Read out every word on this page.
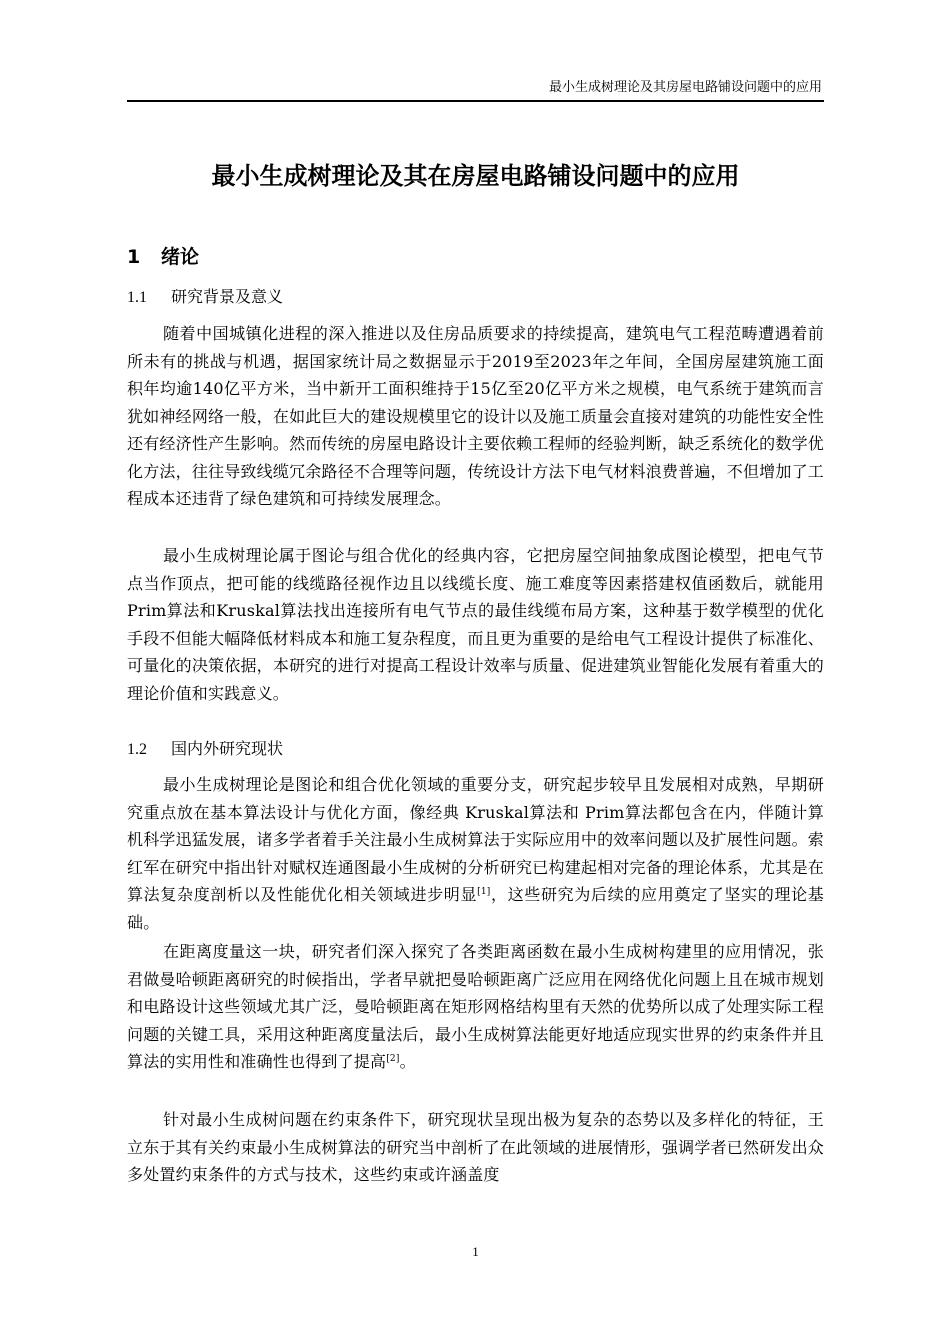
最小生成树理论及其房屋电路铺设问题中的应用
最小生成树理论及其在房屋电路铺设问题中的应用
1 绪论
1.1 研究背景及意义

随着中国城镇化进程的深入推进以及住房品质要求的持续提高，建筑电气工程范畴遭遇着前所未有的挑战与机遇，据国家统计局之数据显示于2019至2023年之年间，全国房屋建筑施工面积年均逾140亿平方米，当中新开工面积维持于15亿至20亿平方米之规模，电气系统于建筑而言犹如神经网络一般，在如此巨大的建设规模里它的设计以及施工质量会直接对建筑的功能性安全性还有经济性产生影响。然而传统的房屋电路设计主要依赖工程师的经验判断，缺乏系统化的数学优化方法，往往导致线缆冗余路径不合理等问题，传统设计方法下电气材料浪费普遍，不但增加了工程成本还违背了绿色建筑和可持续发展理念。

最小生成树理论属于图论与组合优化的经典内容，它把房屋空间抽象成图论模型，把电气节点当作顶点，把可能的线缆路径视作边且以线缆长度、施工难度等因素搭建权值函数后，就能用Prim算法和Kruskal算法找出连接所有电气节点的最佳线缆布局方案，这种基于数学模型的优化手段不但能大幅降低材料成本和施工复杂程度，而且更为重要的是给电气工程设计提供了标准化、可量化的决策依据，本研究的进行对提高工程设计效率与质量、促进建筑业智能化发展有着重大的理论价值和实践意义。

1.2 国内外研究现状

最小生成树理论是图论和组合优化领域的重要分支，研究起步较早且发展相对成熟，早期研究重点放在基本算法设计与优化方面，像经典 Kruskal算法和 Prim算法都包含在内，伴随计算机科学迅猛发展，诸多学者着手关注最小生成树算法于实际应用中的效率问题以及扩展性问题。索红军在研究中指出针对赋权连通图最小生成树的分析研究已构建起相对完备的理论体系，尤其是在算法复杂度剖析以及性能优化相关领域进步明显[1]，这些研究为后续的应用奠定了坚实的理论基础。

在距离度量这一块，研究者们深入探究了各类距离函数在最小生成树构建里的应用情况，张君做曼哈顿距离研究的时候指出，学者早就把曼哈顿距离广泛应用在网络优化问题上且在城市规划和电路设计这些领域尤其广泛，曼哈顿距离在矩形网格结构里有天然的优势所以成了处理实际工程问题的关键工具，采用这种距离度量法后，最小生成树算法能更好地适应现实世界的约束条件并且算法的实用性和准确性也得到了提高[2]。

针对最小生成树问题在约束条件下，研究现状呈现出极为复杂的态势以及多样化的特征，王立东于其有关约束最小生成树算法的研究当中剖析了在此领域的进展情形，强调学者已然研发出众多处置约束条件的方式与技术，这些约束或许涵盖度

1
